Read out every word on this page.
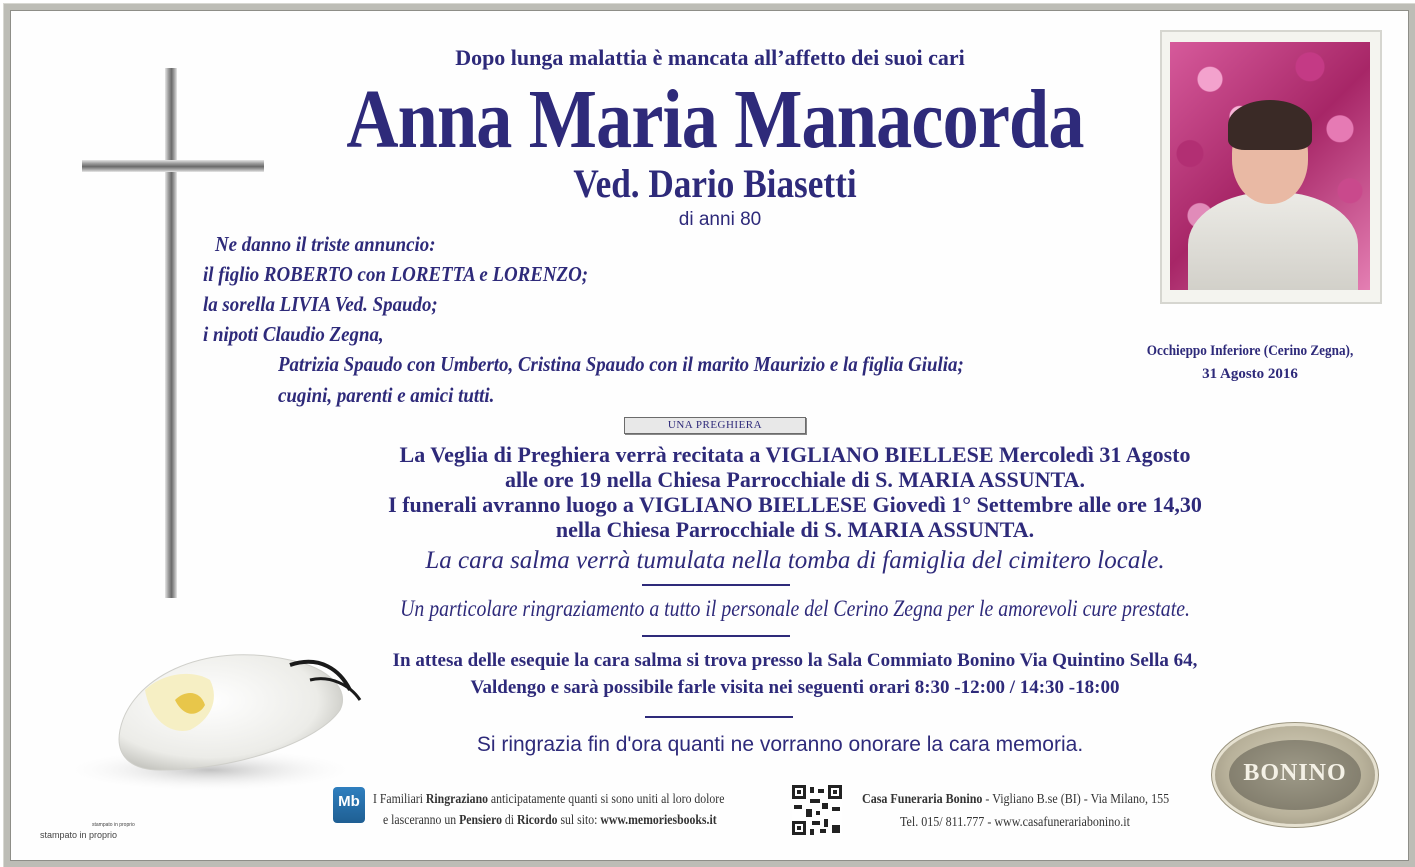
Dopo lunga malattia è mancata all’affetto dei suoi cari
Anna Maria Manacorda
Ved. Dario Biasetti
di anni 80
Ne danno il triste annuncio:
il figlio ROBERTO con LORETTA e LORENZO;
la sorella LIVIA Ved. Spaudo;
i nipoti Claudio Zegna,
Patrizia Spaudo con Umberto, Cristina Spaudo con il marito Maurizio e la figlia Giulia;
cugini, parenti e amici tutti.
Occhieppo Inferiore (Cerino Zegna),
31 Agosto 2016
UNA PREGHIERA
La Veglia di Preghiera verrà recitata a VIGLIANO BIELLESE Mercoledì 31 Agosto
alle ore 19 nella Chiesa Parrocchiale di S. MARIA ASSUNTA.
I funerali avranno luogo a VIGLIANO BIELLESE Giovedì 1° Settembre alle ore 14,30
nella Chiesa Parrocchiale di S. MARIA ASSUNTA.
La cara salma verrà tumulata nella tomba di famiglia del cimitero locale.
Un particolare ringraziamento a tutto il personale del Cerino Zegna per le amorevoli cure prestate.
In attesa delle esequie la cara salma si trova presso la Sala Commiato Bonino Via Quintino Sella 64,
Valdengo e sarà possibile farle visita nei seguenti orari 8:30 -12:00 / 14:30 -18:00
Si ringrazia fin d'ora quanti ne vorranno onorare la cara memoria.
Mb I Familiari Ringraziano anticipatamente quanti si sono uniti al loro dolore
e lasceranno un Pensiero di Ricordo sul sito: www.memoriesbooks.it
Casa Funeraria Bonino - Vigliano B.se (BI) - Via Milano, 155
Tel. 015/ 811.777 - www.casafunerariabonino.it
BONINO
stampato in proprio
stampato in proprio
